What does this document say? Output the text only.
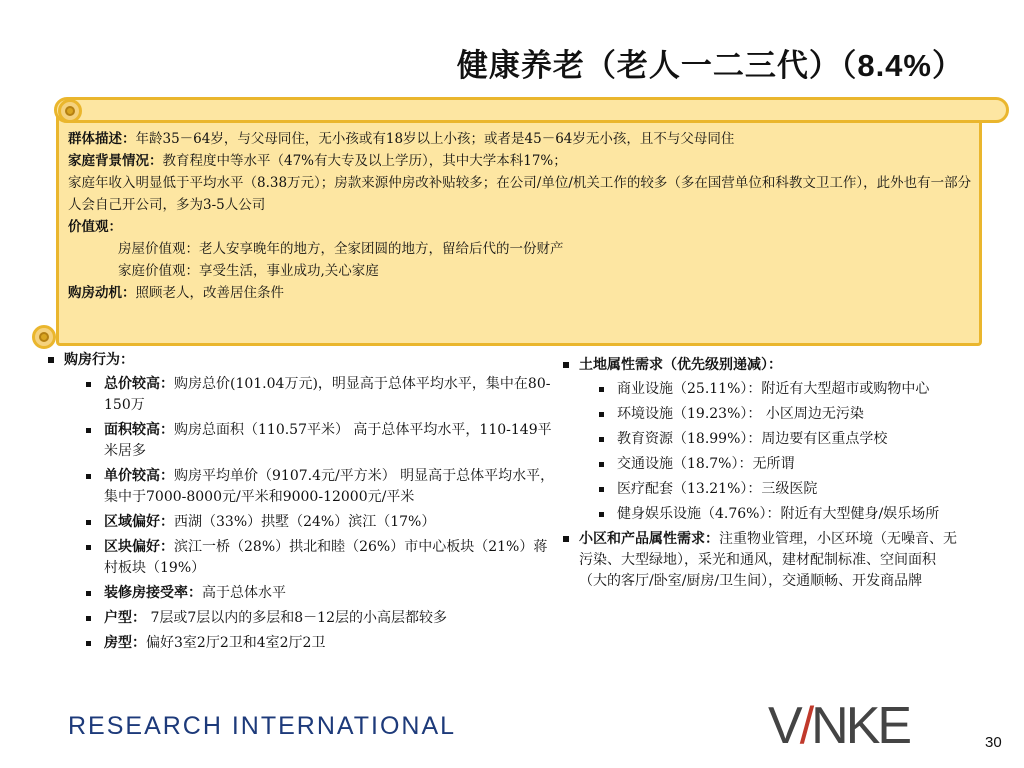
健康养老（老人一二三代）（8.4%）
群体描述：年龄35－64岁，与父母同住，无小孩或有18岁以上小孩；或者是45－64岁无小孩，且不与父母同住
家庭背景情况：教育程度中等水平（47%有大专及以上学历），其中大学本科17%；
家庭年收入明显低于平均水平（8.38万元）；房款来源仲房改补贴较多；在公司/单位/机关工作的较多（多在国营单位和科教文卫工作），此外也有一部分人会自己开公司，多为3-5人公司
价值观：
房屋价值观：老人安享晚年的地方，全家团圆的地方，留给后代的一份财产
家庭价值观：享受生活，事业成功,关心家庭
购房动机：照顾老人，改善居住条件
购房行为：
总价较高：购房总价(101.04万元)，明显高于总体平均水平，集中在80-150万
面积较高：购房总面积（110.57平米） 高于总体平均水平，110-149平米居多
单价较高：购房平均单价（9107.4元/平方米） 明显高于总体平均水平，集中于7000-8000元/平米和9000-12000元/平米
区域偏好：西湖（33%）拱墅（24%）滨江（17%）
区块偏好：滨江一桥（28%）拱北和睦（26%）市中心板块（21%）蒋村板块（19%）
装修房接受率：高于总体水平
户型： 7层或7层以内的多层和8－12层的小高层都较多
房型：偏好3室2厅2卫和4室2厅2卫
土地属性需求（优先级别递减）：
商业设施（25.11%）：附近有大型超市或购物中心
环境设施（19.23%）： 小区周边无污染
教育资源（18.99%）：周边要有区重点学校
交通设施（18.7%）：无所谓
医疗配套（13.21%）：三级医院
健身娱乐设施（4.76%）：附近有大型健身/娱乐场所
小区和产品属性需求：注重物业管理，小区环境（无噪音、无污染、大型绿地），采光和通风，建材配制标准、空间面积（大的客厅/卧室/厨房/卫生间），交通顺畅、开发商品牌
RESEARCH INTERNATIONAL	V/NKE	30
